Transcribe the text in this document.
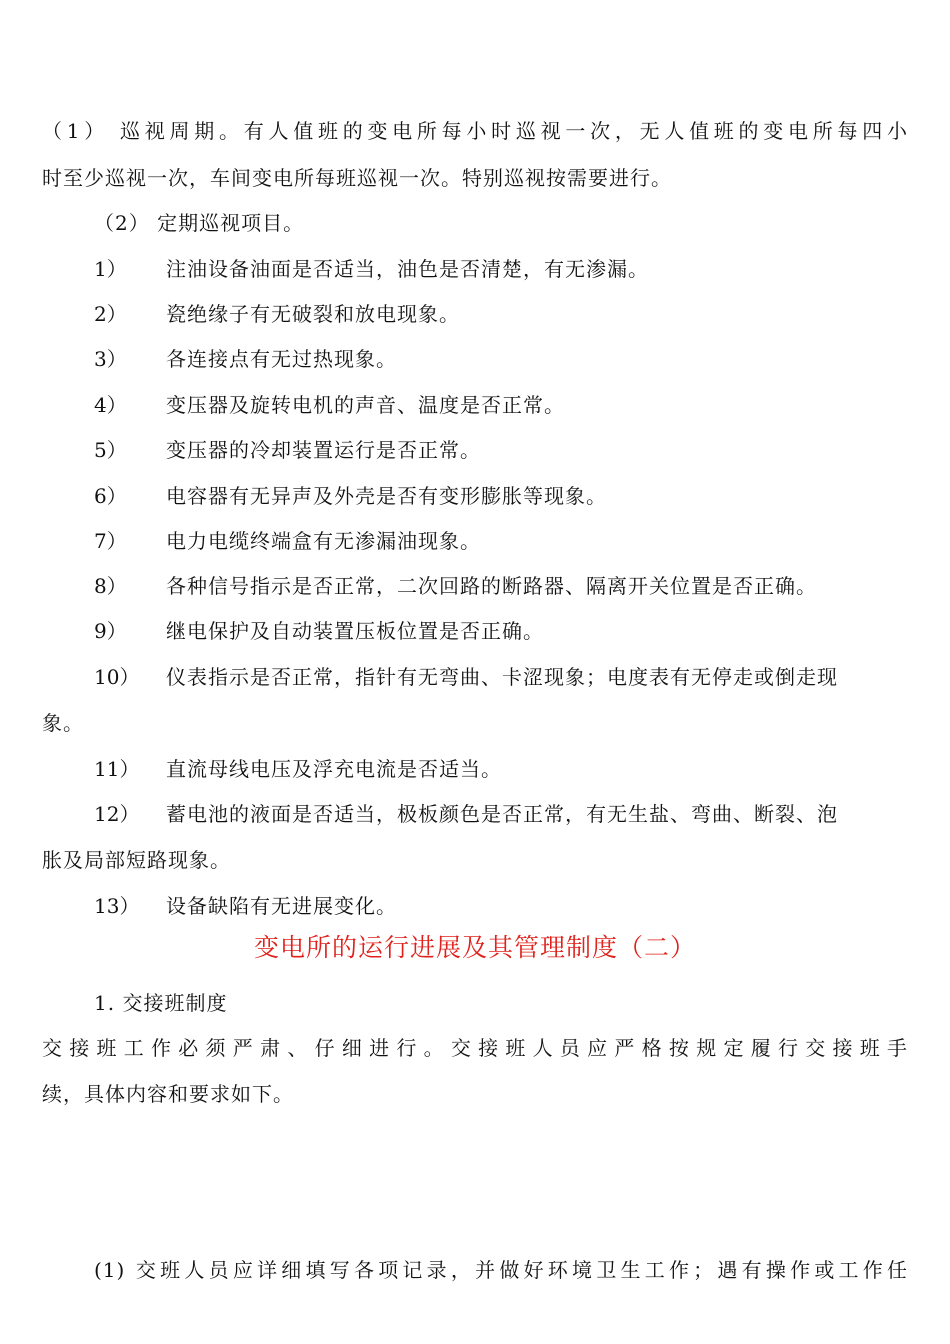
（1） 巡视周期。有人值班的变电所每小时巡视一次，无人值班的变电所每四小
时至少巡视一次，车间变电所每班巡视一次。特别巡视按需要进行。
（2） 定期巡视项目。
1） 注油设备油面是否适当，油色是否清楚，有无渗漏。
2） 瓷绝缘子有无破裂和放电现象。
3） 各连接点有无过热现象。
4） 变压器及旋转电机的声音、温度是否正常。
5） 变压器的冷却装置运行是否正常。
6） 电容器有无异声及外壳是否有变形膨胀等现象。
7） 电力电缆终端盒有无渗漏油现象。
8） 各种信号指示是否正常，二次回路的断路器、隔离开关位置是否正确。
9） 继电保护及自动装置压板位置是否正确。
10） 仪表指示是否正常，指针有无弯曲、卡涩现象；电度表有无停走或倒走现
象。
11） 直流母线电压及浮充电流是否适当。
12） 蓄电池的液面是否适当，极板颜色是否正常，有无生盐、弯曲、断裂、泡
胀及局部短路现象。
13） 设备缺陷有无进展变化。
变电所的运行进展及其管理制度（二）
1. 交接班制度
交接班工作必须严肃、仔细进行。交接班人员应严格按规定履行交接班手
续，具体内容和要求如下。
(1) 交班人员应详细填写各项记录，并做好环境卫生工作；遇有操作或工作任
